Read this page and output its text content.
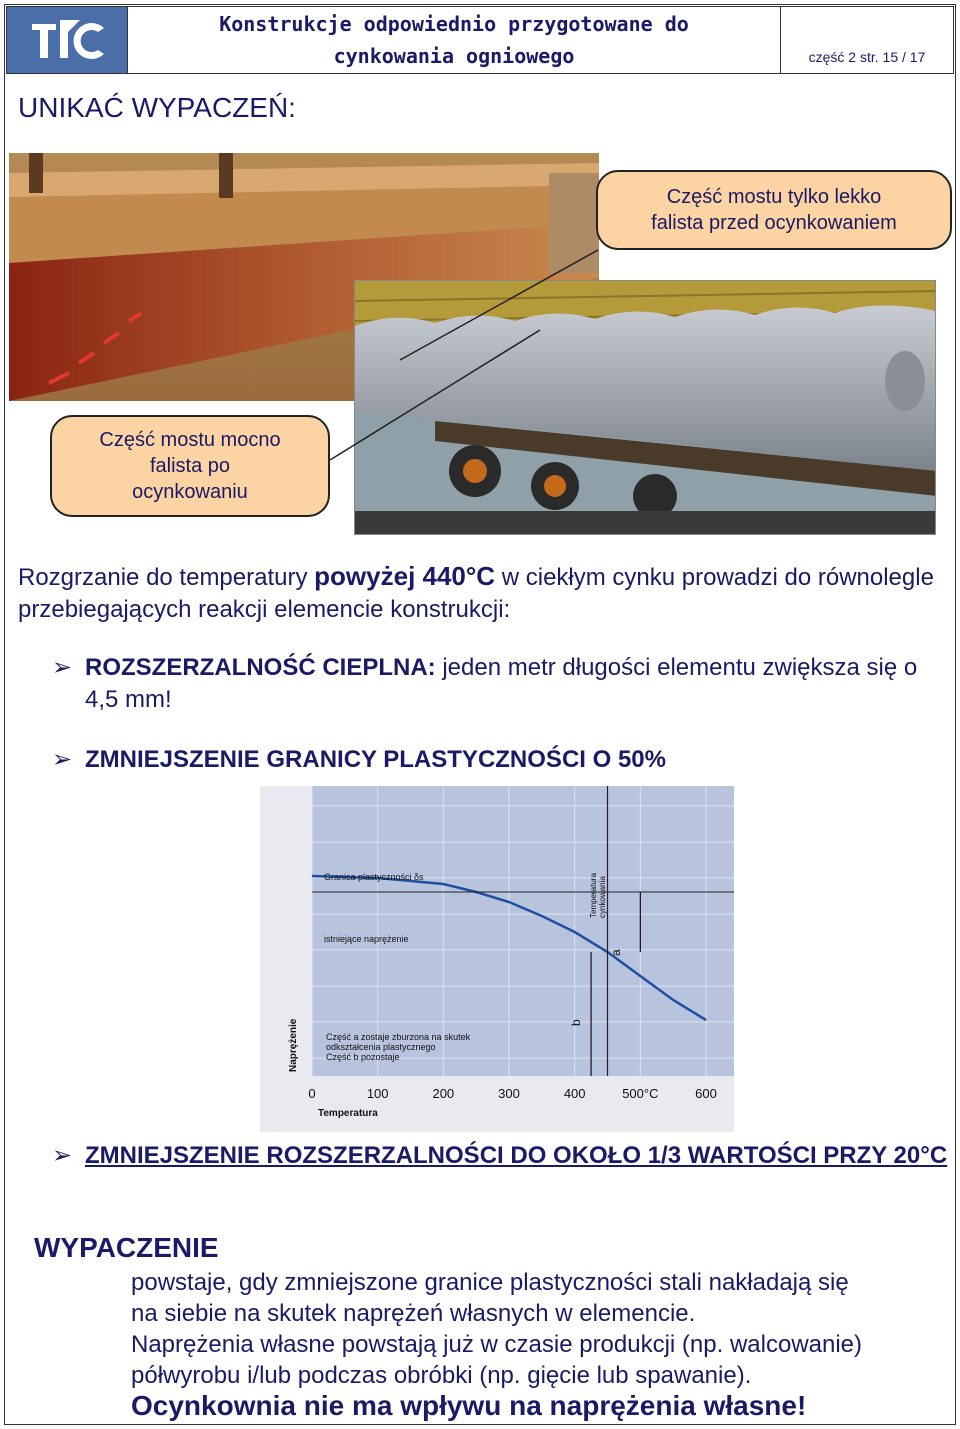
Konstrukcje odpowiednio przygotowane do
cynkowania ogniowego	część 2 str. 15 / 17
UNIKAĆ WYPACZEŃ:
Część mostu tylko lekko
falista przed ocynkowaniem
Część mostu mocno
falista po
ocynkowaniu
Rozgrzanie do temperatury powyżej 440°C w ciekłym cynku prowadzi do równolegle przebiegających reakcji elemencie konstrukcji:
➢ ROZSZERZALNOŚĆ CIEPLNA: jeden metr długości elementu zwiększa się o 4,5 mm!
➢ ZMNIEJSZENIE GRANICY PLASTYCZNOŚCI O 50%
Granica plastyczności δs
istniejące naprężenie
Część a zostaje zburzona na skutek
odkształcenia plastycznego
Część b pozostaje
Temperaturacynkowania
a
b
Naprężenie
Temperatura
0	100	200	300	400	500°C	600
➢ ZMNIEJSZENIE ROZSZERZALNOŚCI DO OKOŁO 1/3 WARTOŚCI PRZY 20°C
WYPACZENIE
powstaje, gdy zmniejszone granice plastyczności stali nakładają się
na siebie na skutek naprężeń własnych w elemencie.
Naprężenia własne powstają już w czasie produkcji (np. walcowanie)
półwyrobu i/lub podczas obróbki (np. gięcie lub spawanie).
Ocynkownia nie ma wpływu na naprężenia własne!
